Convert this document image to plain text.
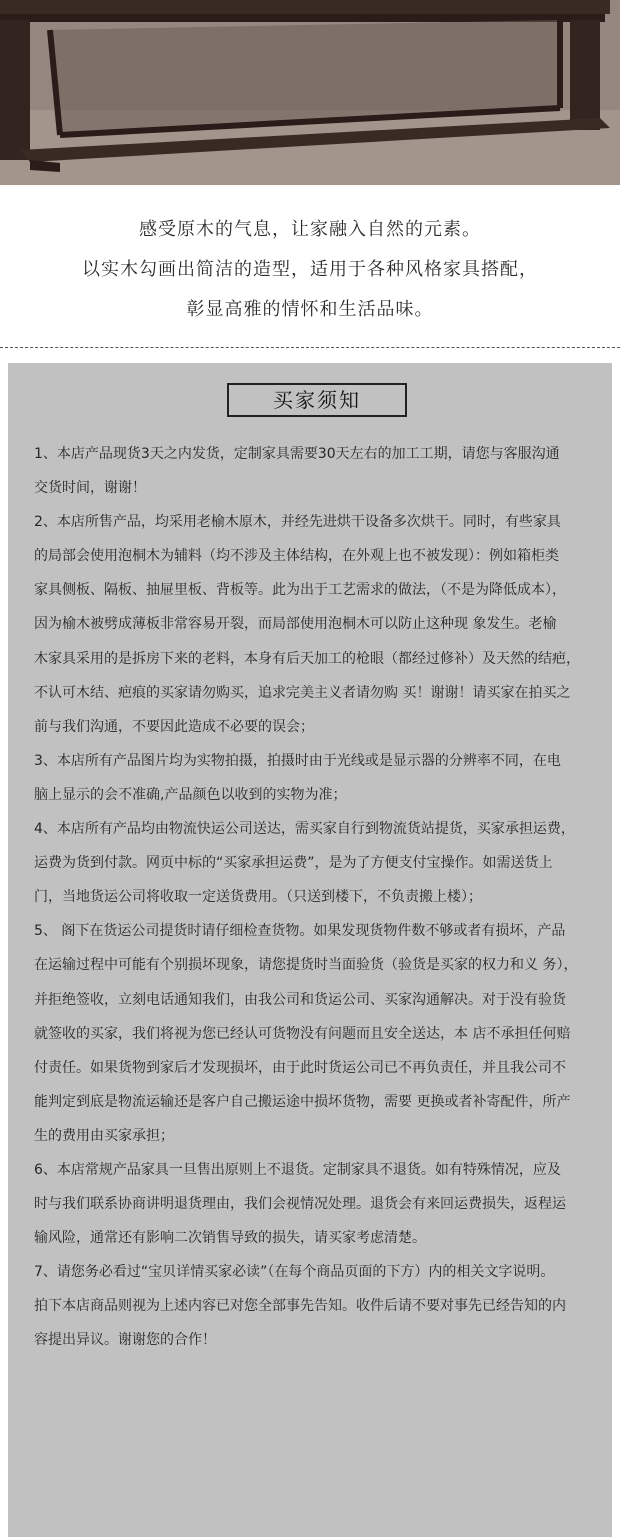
感受原木的气息，让家融入自然的元素。
以实木勾画出简洁的造型，适用于各种风格家具搭配，
彰显高雅的情怀和生活品味。
买家须知
1、本店产品现货3天之内发货，定制家具需要30天左右的加工工期，请您与客服沟通
交货时间，谢谢！
2、本店所售产品，均采用老榆木原木，并经先进烘干设备多次烘干。同时，有些家具
的局部会使用泡桐木为辅料（均不涉及主体结构，在外观上也不被发现）：例如箱柜类
家具侧板、隔板、抽屉里板、背板等。此为出于工艺需求的做法，（不是为降低成本），
因为榆木被劈成薄板非常容易开裂，而局部使用泡桐木可以防止这种现 象发生。老榆
木家具采用的是拆房下来的老料，本身有后天加工的枪眼（都经过修补）及天然的结疤，
不认可木结、疤痕的买家请勿购买，追求完美主义者请勿购 买！谢谢！请买家在拍买之
前与我们沟通，不要因此造成不必要的误会；
3、本店所有产品图片均为实物拍摄，拍摄时由于光线或是显示器的分辨率不同，在电
脑上显示的会不准确,产品颜色以收到的实物为准；
4、本店所有产品均由物流快运公司送达，需买家自行到物流货站提货，买家承担运费，
运费为货到付款。网页中标的“买家承担运费”，是为了方便支付宝操作。如需送货上
门，当地货运公司将收取一定送货费用。（只送到楼下，不负责搬上楼）；
5、 阁下在货运公司提货时请仔细检查货物。如果发现货物件数不够或者有损坏，产品
在运输过程中可能有个别损坏现象，请您提货时当面验货（验货是买家的权力和义 务），
并拒绝签收，立刻电话通知我们，由我公司和货运公司、买家沟通解决。对于没有验货
就签收的买家，我们将视为您已经认可货物没有问题而且安全送达，本 店不承担任何赔
付责任。如果货物到家后才发现损坏，由于此时货运公司已不再负责任，并且我公司不
能判定到底是物流运输还是客户自己搬运途中损坏货物，需要 更换或者补寄配件，所产
生的费用由买家承担；
6、本店常规产品家具一旦售出原则上不退货。定制家具不退货。如有特殊情况，应及
时与我们联系协商讲明退货理由，我们会视情况处理。退货会有来回运费损失，返程运
输风险，通常还有影响二次销售导致的损失，请买家考虑清楚。
7、请您务必看过“宝贝详情买家必读”（在每个商品页面的下方）内的相关文字说明。
拍下本店商品则视为上述内容已对您全部事先告知。收件后请不要对事先已经告知的内
容提出异议。谢谢您的合作！
